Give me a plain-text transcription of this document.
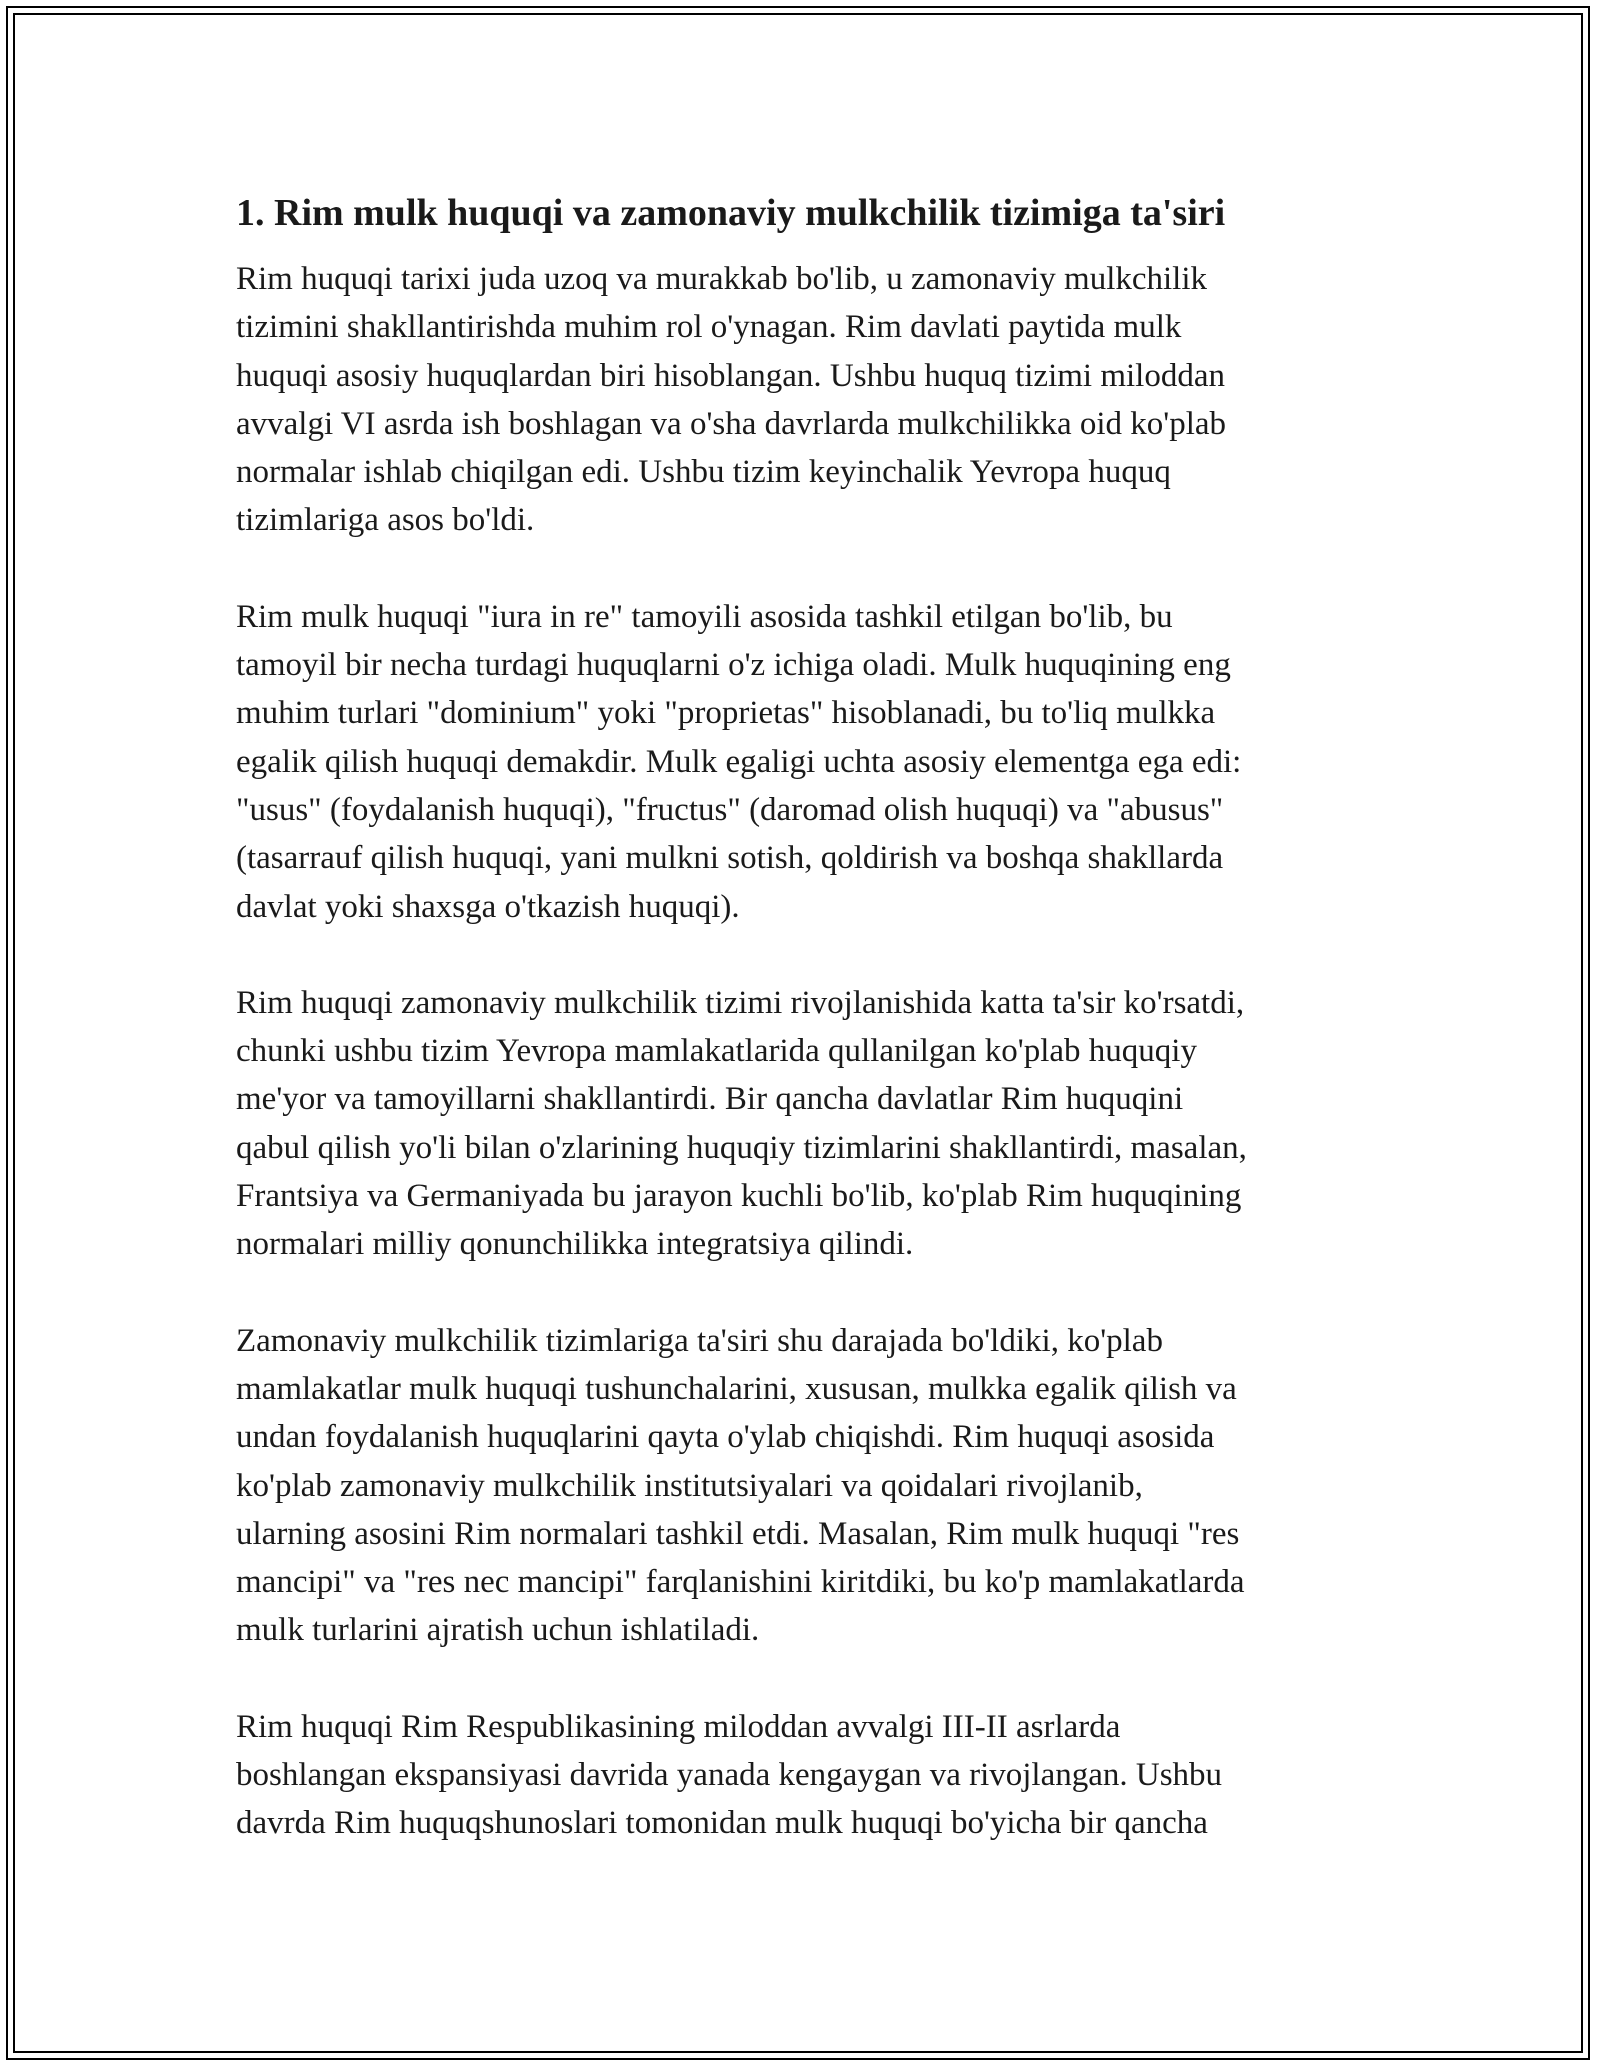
1. Rim mulk huquqi va zamonaviy mulkchilik tizimiga ta'siri
Rim huquqi tarixi juda uzoq va murakkab bo'lib, u zamonaviy mulkchilik
tizimini shakllantirishda muhim rol o'ynagan. Rim davlati paytida mulk
huquqi asosiy huquqlardan biri hisoblangan. Ushbu huquq tizimi miloddan
avvalgi VI asrda ish boshlagan va o'sha davrlarda mulkchilikka oid ko'plab
normalar ishlab chiqilgan edi. Ushbu tizim keyinchalik Yevropa huquq
tizimlariga asos bo'ldi.
Rim mulk huquqi "iura in re" tamoyili asosida tashkil etilgan bo'lib, bu
tamoyil bir necha turdagi huquqlarni o'z ichiga oladi. Mulk huquqining eng
muhim turlari "dominium" yoki "proprietas" hisoblanadi, bu to'liq mulkka
egalik qilish huquqi demakdir. Mulk egaligi uchta asosiy elementga ega edi:
"usus" (foydalanish huquqi), "fructus" (daromad olish huquqi) va "abusus"
(tasarrauf qilish huquqi, yani mulkni sotish, qoldirish va boshqa shakllarda
davlat yoki shaxsga o'tkazish huquqi).
Rim huquqi zamonaviy mulkchilik tizimi rivojlanishida katta ta'sir ko'rsatdi,
chunki ushbu tizim Yevropa mamlakatlarida qullanilgan ko'plab huquqiy
me'yor va tamoyillarni shakllantirdi. Bir qancha davlatlar Rim huquqini
qabul qilish yo'li bilan o'zlarining huquqiy tizimlarini shakllantirdi, masalan,
Frantsiya va Germaniyada bu jarayon kuchli bo'lib, ko'plab Rim huquqining
normalari milliy qonunchilikka integratsiya qilindi.
Zamonaviy mulkchilik tizimlariga ta'siri shu darajada bo'ldiki, ko'plab
mamlakatlar mulk huquqi tushunchalarini, xususan, mulkka egalik qilish va
undan foydalanish huquqlarini qayta o'ylab chiqishdi. Rim huquqi asosida
ko'plab zamonaviy mulkchilik institutsiyalari va qoidalari rivojlanib,
ularning asosini Rim normalari tashkil etdi. Masalan, Rim mulk huquqi "res
mancipi" va "res nec mancipi" farqlanishini kiritdiki, bu ko'p mamlakatlarda
mulk turlarini ajratish uchun ishlatiladi.
Rim huquqi Rim Respublikasining miloddan avvalgi III-II asrlarda
boshlangan ekspansiyasi davrida yanada kengaygan va rivojlangan. Ushbu
davrda Rim huquqshunoslari tomonidan mulk huquqi bo'yicha bir qancha
